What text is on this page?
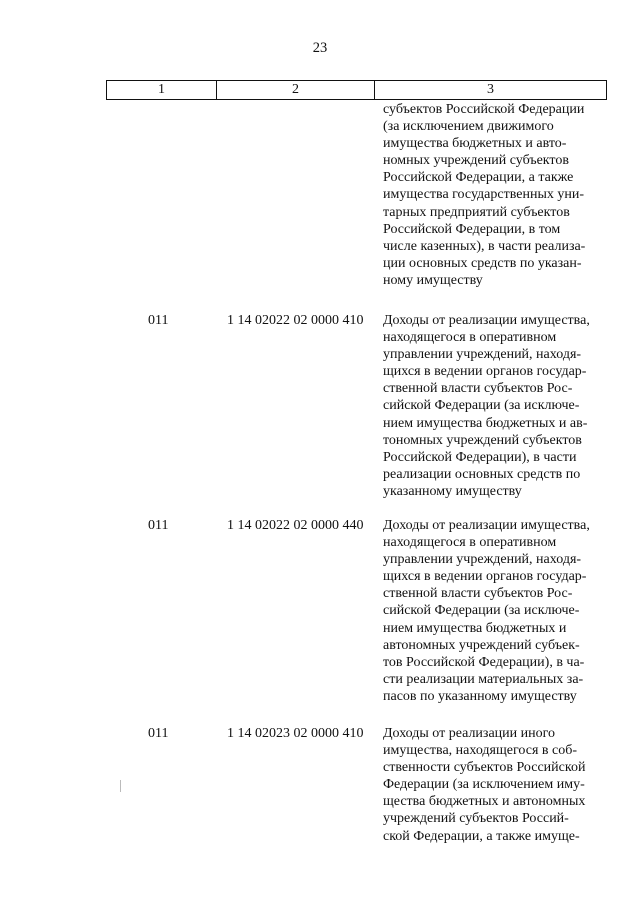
23
1	2	3
субъектов Российской Федерации
(за исключением движимого
имущества бюджетных и авто-
номных учреждений субъектов
Российской Федерации, а также
имущества государственных уни-
тарных предприятий субъектов
Российской Федерации, в том
числе казенных), в части реализа-
ции основных средств по указан-
ному имуществу
011	1 14 02022 02 0000 410 Доходы от реализации имущества,
находящегося в оперативном
управлении учреждений, находя-
щихся в ведении органов государ-
ственной власти субъектов Рос-
сийской Федерации (за исключе-
нием имущества бюджетных и ав-
тономных учреждений субъектов
Российской Федерации), в части
реализации основных средств по
указанному имуществу
011	1 14 02022 02 0000 440 Доходы от реализации имущества,
находящегося в оперативном
управлении учреждений, находя-
щихся в ведении органов государ-
ственной власти субъектов Рос-
сийской Федерации (за исключе-
нием имущества бюджетных и
автономных учреждений субъек-
тов Российской Федерации), в ча-
сти реализации материальных за-
пасов по указанному имуществу
011	1 14 02023 02 0000 410 Доходы от реализации иного
имущества, находящегося в соб-
ственности субъектов Российской
Федерации (за исключением иму-
щества бюджетных и автономных
учреждений субъектов Россий-
ской Федерации, а также имуще-
